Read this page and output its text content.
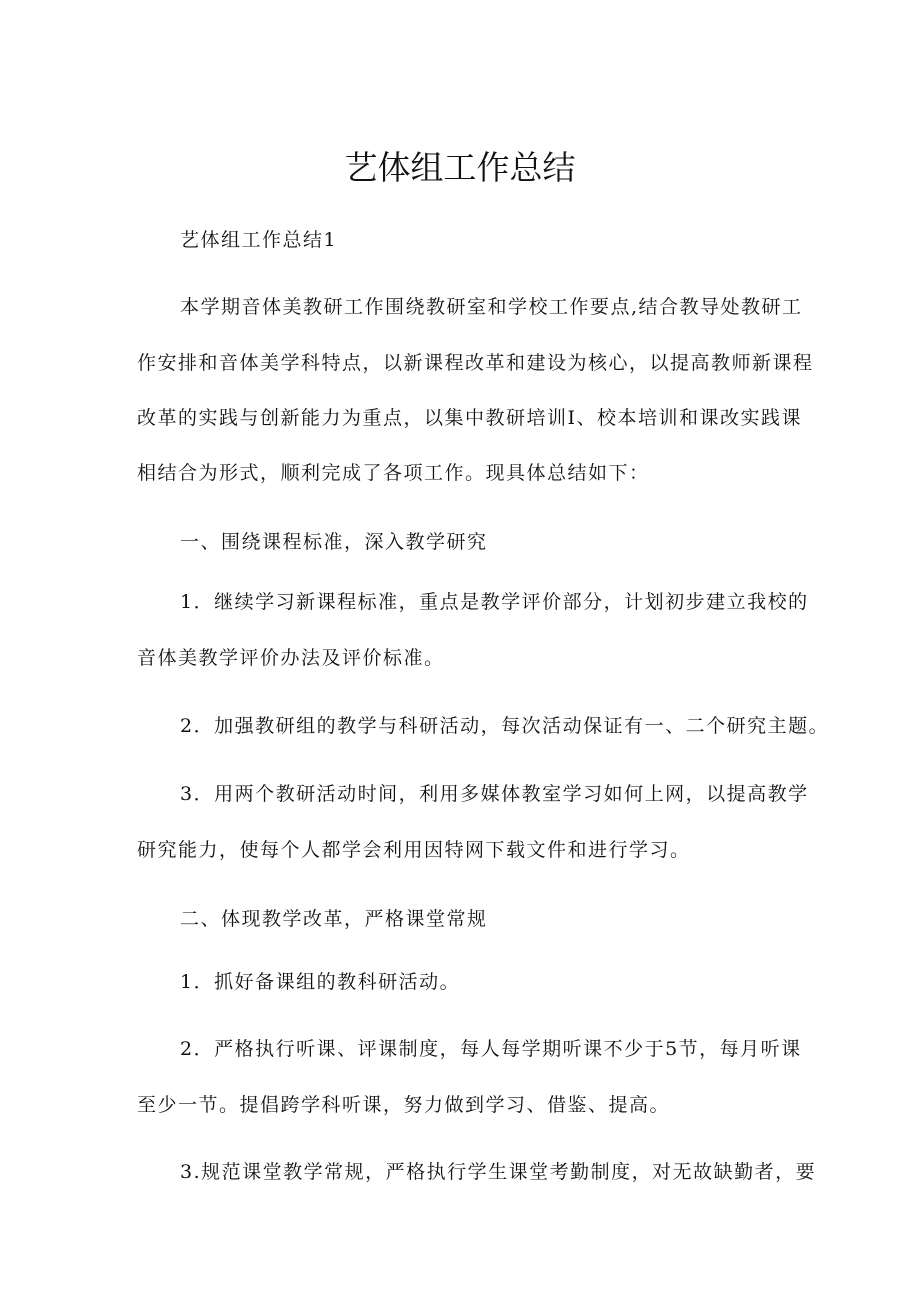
艺体组工作总结

艺体组工作总结1

本学期音体美教研工作围绕教研室和学校工作要点,结合教导处教研工

作安排和音体美学科特点，以新课程改革和建设为核心，以提高教师新课程

改革的实践与创新能力为重点，以集中教研培训I、校本培训和课改实践课

相结合为形式，顺利完成了各项工作。现具体总结如下：

一、围绕课程标准，深入教学研究

1．继续学习新课程标准，重点是教学评价部分，计划初步建立我校的

音体美教学评价办法及评价标准。

2．加强教研组的教学与科研活动，每次活动保证有一、二个研究主题。

3．用两个教研活动时间，利用多媒体教室学习如何上网，以提高教学

研究能力，使每个人都学会利用因特网下载文件和进行学习。

二、体现教学改革，严格课堂常规

1．抓好备课组的教科研活动。

2．严格执行听课、评课制度，每人每学期听课不少于5节，每月听课

至少一节。提倡跨学科听课，努力做到学习、借鉴、提高。

3.规范课堂教学常规，严格执行学生课堂考勤制度，对无故缺勤者，要
